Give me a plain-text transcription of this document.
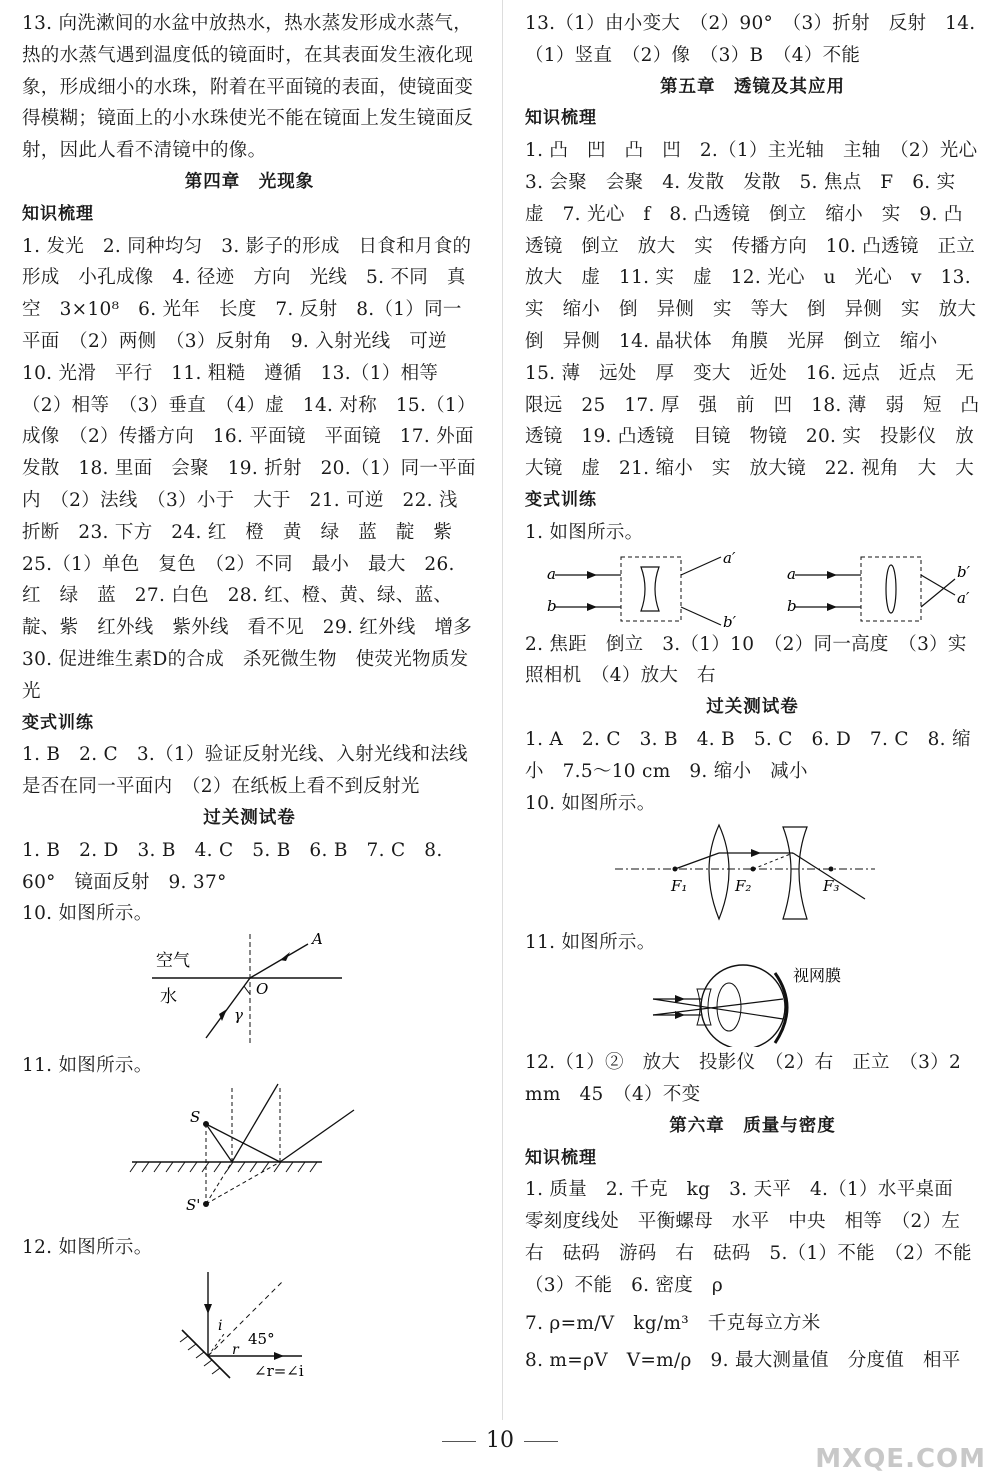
13. 向洗漱间的水盆中放热水，热水蒸发形成水蒸气，热的水蒸气遇到温度低的镜面时，在其表面发生液化现象，形成细小的水珠，附着在平面镜的表面，使镜面变得模糊；镜面上的小水珠使光不能在镜面上发生镜面反射，因此人看不清镜中的像。

第四章　光现象
知识梳理

1. 发光　2. 同种均匀　3. 影子的形成　日食和月食的形成　小孔成像　4. 径迹　方向　光线　5. 不同　真空　3×10⁸　6. 光年　长度　7. 反射　8.（1）同一平面　（2）两侧　（3）反射角　9. 入射光线　可逆　10. 光滑　平行　11. 粗糙　遵循　13.（1）相等　（2）相等　（3）垂直　（4）虚　14. 对称　15.（1）成像　（2）传播方向　16. 平面镜　平面镜　17. 外面　发散　18. 里面　会聚　19. 折射　20.（1）同一平面内　（2）法线　（3）小于　大于　21. 可逆　22. 浅　折断　23. 下方　24. 红　橙　黄　绿　蓝　靛　紫　25.（1）单色　复色　（2）不同　最小　最大　26. 红　绿　蓝　27. 白色　28. 红、橙、黄、绿、蓝、靛、紫　红外线　紫外线　看不见　29. 红外线　增多　30. 促进维生素D的合成　杀死微生物　使荧光物质发光

变式训练

1. B　2. C　3.（1）验证反射光线、入射光线和法线是否在同一平面内　（2）在纸板上看不到反射光

过关测试卷

1. B　2. D　3. B　4. C　5. B　6. B　7. C　8. 60°　镜面反射　9. 37°

10. 如图所示。

空气
水
A
O
γ

11. 如图所示。

S
S'

12. 如图所示。

i
r
45°
∠r=∠i

13.（1）由小变大　（2）90°　（3）折射　反射　14.（1）竖直　（2）像　（3）B　（4）不能

第五章　透镜及其应用
知识梳理

1. 凸　凹　凸　凹　2.（1）主光轴　主轴　（2）光心　3. 会聚　会聚　4. 发散　发散　5. 焦点　F　6. 实　虚　7. 光心　f　8. 凸透镜　倒立　缩小　实　9. 凸透镜　倒立　放大　实　传播方向　10. 凸透镜　正立　放大　虚　11. 实　虚　12. 光心　u　光心　v　13. 实　缩小　倒　异侧　实　等大　倒　异侧　实　放大　倒　异侧　14. 晶状体　角膜　光屏　倒立　缩小　15. 薄　远处　厚　变大　近处　16. 远点　近点　无限远　25　17. 厚　强　前　凹　18. 薄　弱　短　凸透镜　19. 凸透镜　目镜　物镜　20. 实　投影仪　放大镜　虚　21. 缩小　实　放大镜　22. 视角　大　大

变式训练

1. 如图所示。

a
b
a′
b′
a
b
b′
a′

2. 焦距　倒立　3.（1）10　（2）同一高度　（3）实　照相机　（4）放大　右

过关测试卷

1. A　2. C　3. B　4. B　5. C　6. D　7. C　8. 缩小　7.5～10 cm　9. 缩小　减小

10. 如图所示。

F₁	F₂	F₃

11. 如图所示。

视网膜

12.（1）②　放大　投影仪　（2）右　正立　（3）2 mm　45　（4）不变

第六章　质量与密度
知识梳理

1. 质量　2. 千克　kg　3. 天平　4.（1）水平桌面　零刻度线处　平衡螺母　水平　中央　相等　（2）左　右　砝码　游码　右　砝码　5.（1）不能　（2）不能　（3）不能　6. 密度　ρ

7. ρ=m/V　kg/m³　千克每立方米

8. m=ρV　V=m/ρ　9. 最大测量值　分度值　相平

10
MXQE.COM
